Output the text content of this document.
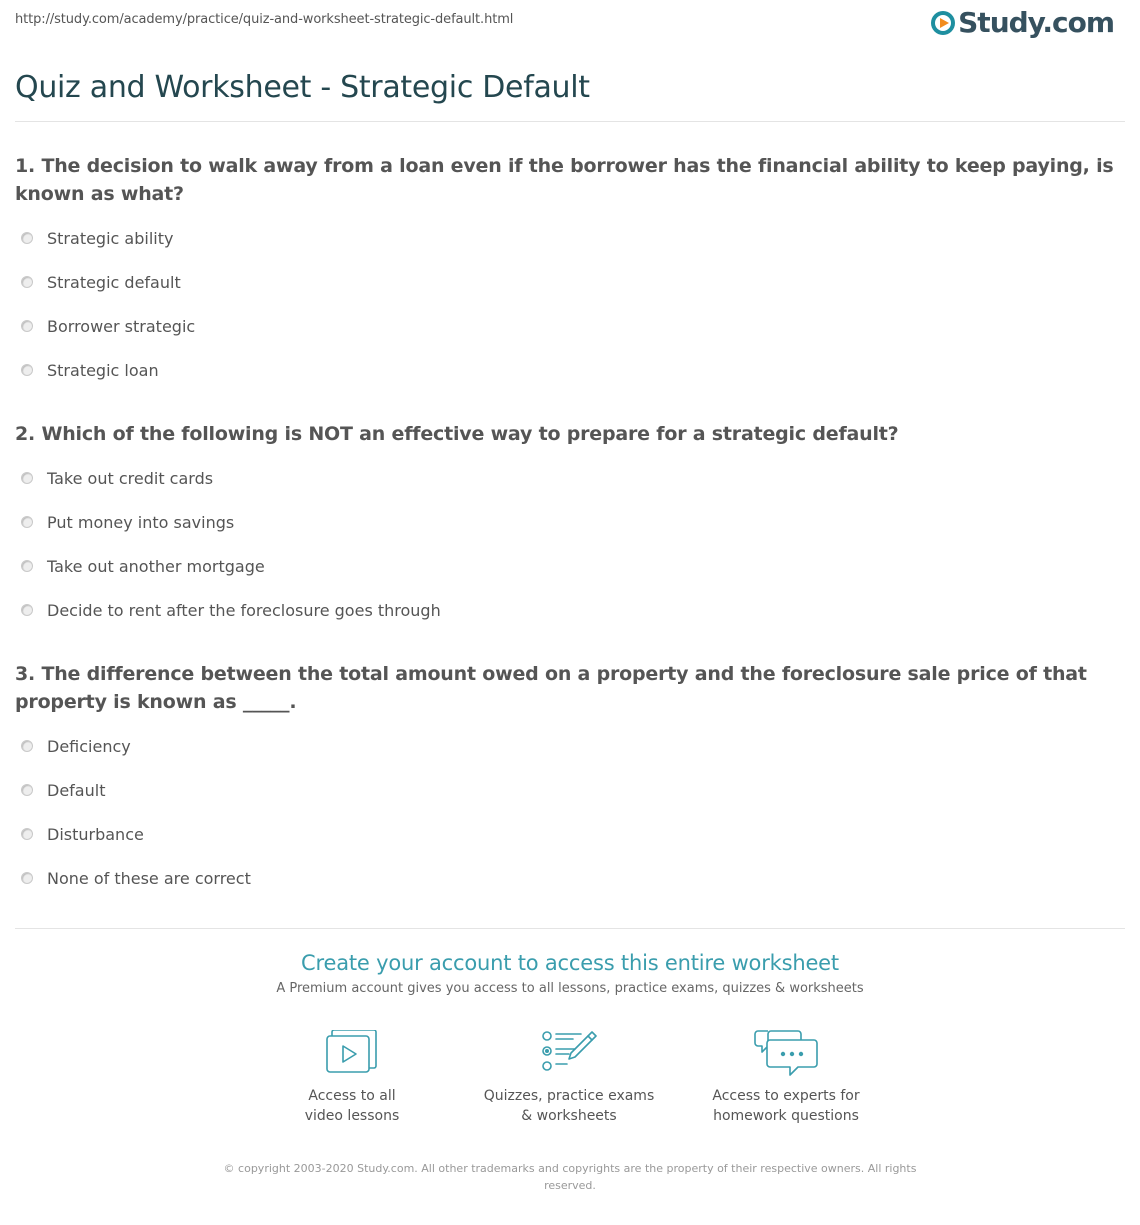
http://study.com/academy/practice/quiz-and-worksheet-strategic-default.html	Study.com
Quiz and Worksheet - Strategic Default

1. The decision to walk away from a loan even if the borrower has the financial ability to keep paying, is known as what?

Strategic ability
Strategic default
Borrower strategic
Strategic loan

2. Which of the following is NOT an effective way to prepare for a strategic default?

Take out credit cards
Put money into savings
Take out another mortgage
Decide to rent after the foreclosure goes through

3. The difference between the total amount owed on a property and the foreclosure sale price of that property is known as _____.

Deficiency
Default
Disturbance
None of these are correct
Create your account to access this entire worksheet
A Premium account gives you access to all lessons, practice exams, quizzes & worksheets
Access to all
video lessons
Quizzes, practice exams
& worksheets
Access to experts for
homework questions
© copyright 2003-2020 Study.com. All other trademarks and copyrights are the property of their respective owners. All rights reserved.
